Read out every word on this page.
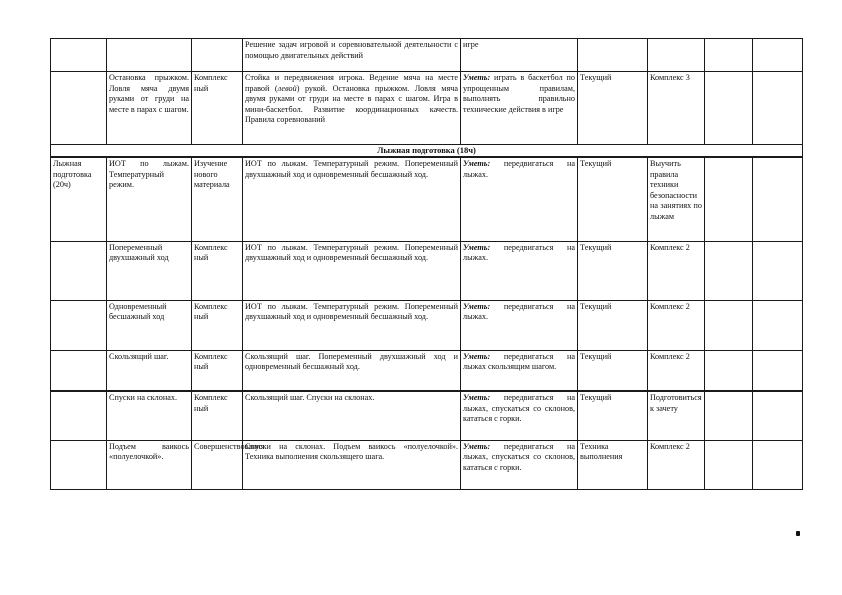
			Решение задач игровой и соревновательной деятельности с помощью двигательных действий	игре				
	Остановка прыжком. Ловля мяча двумя руками от груди на месте в парах с шагом.	Комплекс ный	Стойка и передвижения игрока. Ведение мяча на месте правой (левой) рукой. Остановка прыжком. Ловля мяча двумя руками от груди на месте в парах с шагом. Игра в мини-баскетбол. Развитие координационных качеств. Правила соревнований	Уметь: играть в баскетбол по упрощенным правилам, выполнять правильно технические действия в игре	Текущий	Комплекс 3		
Лыжная подготовка (18ч)								
Лыжная подготовка (20ч)	ИОТ по лыжам. Температурный режим.	Изучение нового материала	ИОТ по лыжам. Температурный режим. Попеременный двухшажный ход и одновременный бесшажный ход.	Уметь: передвигаться на лыжах.	Текущий	Выучить правила техники безопасности на занятиях по лыжам		
	Попеременный двухшажный ход	Комплекс ный	ИОТ по лыжам. Температурный режим. Попеременный двухшажный ход и одновременный бесшажный ход.	Уметь: передвигаться на лыжах.	Текущий	Комплекс 2		
	Одновременный бесшажный ход	Комплекс ный	ИОТ по лыжам. Температурный режим. Попеременный двухшажный ход и одновременный бесшажный ход.	Уметь: передвигаться на лыжах.	Текущий	Комплекс 2		
	Скользящий шаг.	Комплекс ный	Скользящий шаг. Попеременный двухшажный ход и одновременный бесшажный ход.	Уметь: передвигаться на лыжах скользящим шагом.	Текущий	Комплекс 2		
	Спуски на склонах.	Комплекс ный	Скользящий шаг. Спуски на склонах.	Уметь: передвигаться на лыжах, спускаться со склонов, кататься с горки.	Текущий	Подготовиться к зачету		
	Подъем ваикось «полуелочкой».	Совершенствования	Спуски на склонах. Подъем ваикось «полуелочкой». Техника выполнения скользящего шага.	Уметь: передвигаться на лыжах, спускаться со склонов, кататься с горки.	Техника выполнения	Комплекс 2		
